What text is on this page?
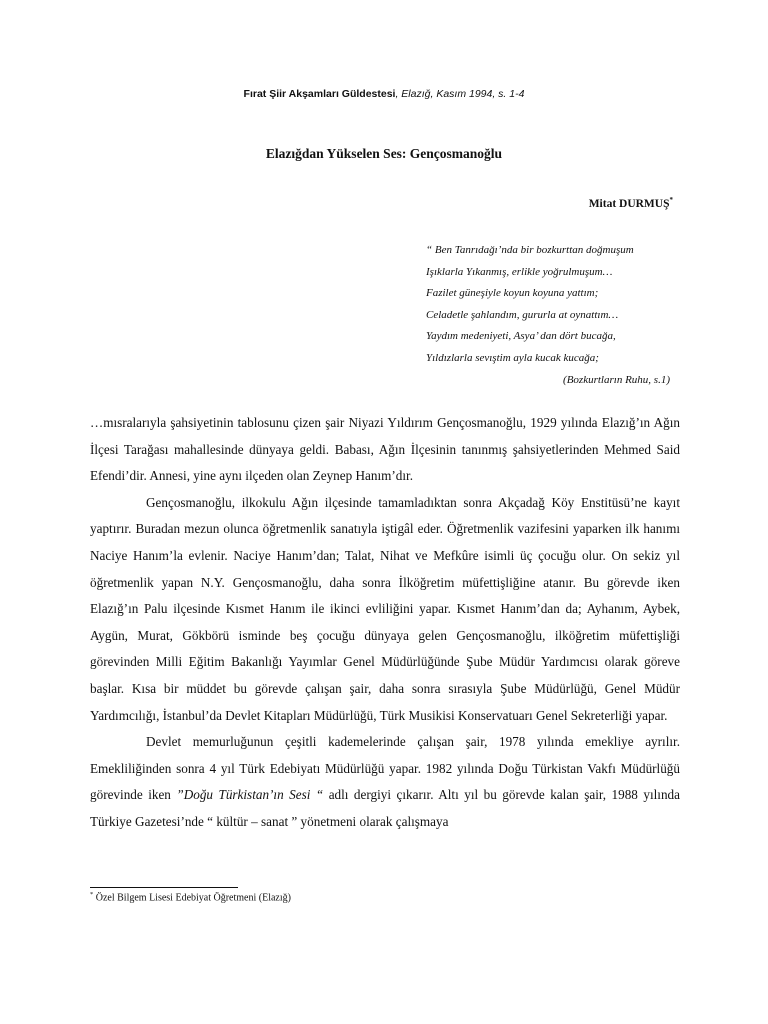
Fırat Şiir Akşamları Güldestesi, Elazığ, Kasım 1994, s. 1-4
Elazığdan Yükselen Ses: Gençosmanoğlu
Mitat DURMUŞ*
“ Ben Tanrıdağı’nda bir bozkurttan doğmuşum
Işıklarla Yıkanmış, erlikle yoğrulmuşum…
Fazilet güneşiyle koyun koyuna yattım;
Celadetle şahlandım, gururla at oynattım…
Yaydım medeniyeti, Asya’ dan dört bucağa,
Yıldızlarla sevıştim ayla kucak kucağa;
(Bozkurtların Ruhu, s.1)

…mısralarıyla şahsiyetinin tablosunu çizen şair Niyazi Yıldırım Gençosmanoğlu, 1929 yılında Elazığ’ın Ağın İlçesi Tarağası mahallesinde dünyaya geldi. Babası, Ağın İlçesinin tanınmış şahsiyetlerinden Mehmed Said Efendi’dir. Annesi, yine aynı ilçeden olan Zeynep Hanım’dır.

Gençosmanoğlu, ilkokulu Ağın ilçesinde tamamladıktan sonra Akçadağ Köy Enstitüsü’ne kayıt yaptırır. Buradan mezun olunca öğretmenlik sanatıyla iştigâl eder. Öğretmenlik vazifesini yaparken ilk hanımı Naciye Hanım’la evlenir. Naciye Hanım’dan; Talat, Nihat ve Mefkûre isimli üç çocuğu olur. On sekiz yıl öğretmenlik yapan N.Y. Gençosmanoğlu, daha sonra İlköğretim müfettişliğine atanır. Bu görevde iken Elazığ’ın Palu ilçesinde Kısmet Hanım ile ikinci evliliğini yapar. Kısmet Hanım’dan da; Ayhanım, Aybek, Aygün, Murat, Gökbörü isminde beş çocuğu dünyaya gelen Gençosmanoğlu, ilköğretim müfettişliği görevinden Milli Eğitim Bakanlığı Yayımlar Genel Müdürlüğünde Şube Müdür Yardımcısı olarak göreve başlar. Kısa bir müddet bu görevde çalışan şair, daha sonra sırasıyla Şube Müdürlüğü, Genel Müdür Yardımcılığı, İstanbul’da Devlet Kitapları Müdürlüğü, Türk Musikisi Konservatuarı Genel Sekreterliği yapar.

Devlet memurluğunun çeşitli kademelerinde çalışan şair, 1978 yılında emekliye ayrılır. Emekliliğinden sonra 4 yıl Türk Edebiyatı Müdürlüğü yapar. 1982 yılında Doğu Türkistan Vakfı Müdürlüğü görevinde iken ”Doğu Türkistan’ın Sesi “ adlı dergiyi çıkarır. Altı yıl bu görevde kalan şair, 1988 yılında Türkiye Gazetesi’nde “ kültür – sanat ” yönetmeni olarak çalışmaya

* Özel Bilgem Lisesi Edebiyat Öğretmeni (Elazığ)
